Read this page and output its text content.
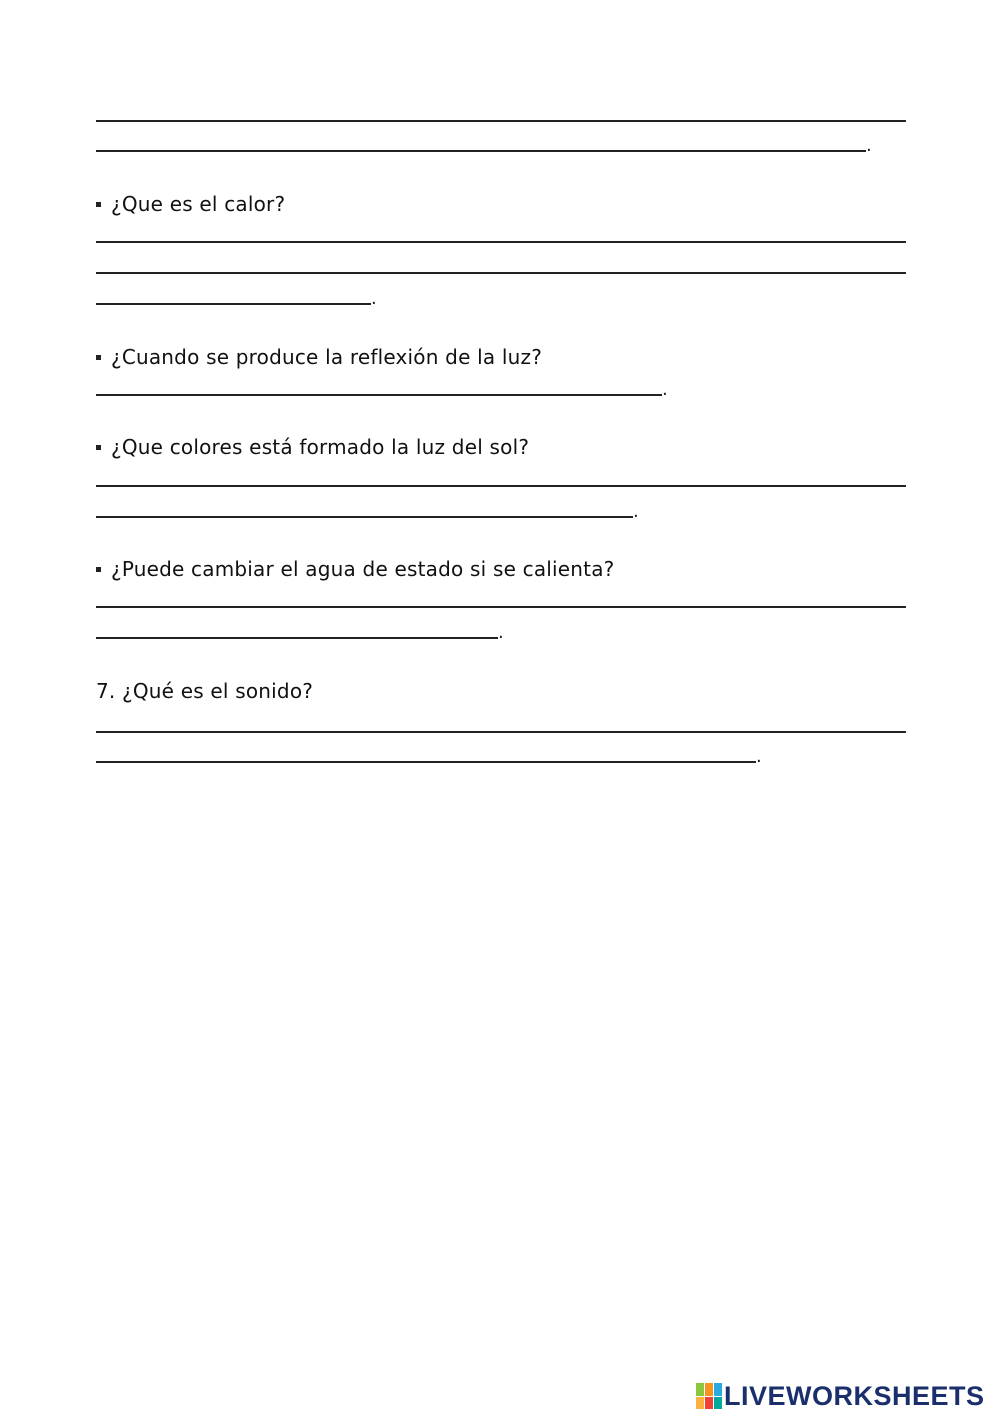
.
¿Que es el calor?
.
¿Cuando se produce la reflexión de la luz?
.
¿Que colores está formado la luz del sol?
.
¿Puede cambiar el agua de estado si se calienta?
.
7. ¿Qué es el sonido?
.
LIVEWORKSHEETS
